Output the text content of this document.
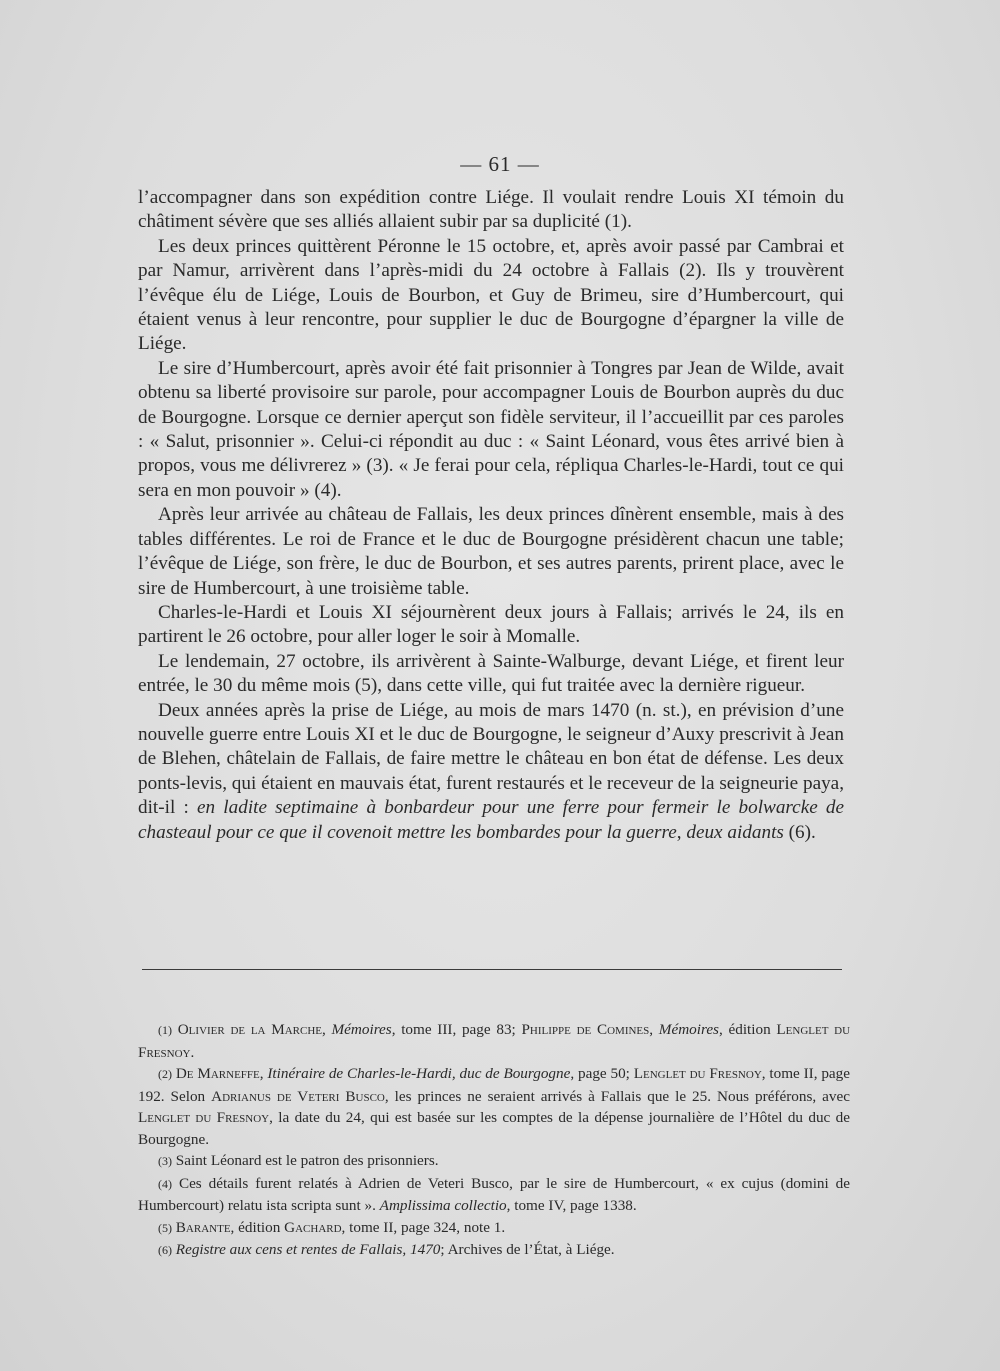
— 61 —

l’accompagner dans son expédition contre Liége. Il voulait rendre Louis XI témoin du châtiment sévère que ses alliés allaient subir par sa duplicité (1).

Les deux princes quittèrent Péronne le 15 octobre, et, après avoir passé par Cambrai et par Namur, arrivèrent dans l’après-midi du 24 octobre à Fallais (2). Ils y trouvèrent l’évêque élu de Liége, Louis de Bourbon, et Guy de Brimeu, sire d’Humbercourt, qui étaient venus à leur rencontre, pour supplier le duc de Bourgogne d’épargner la ville de Liége.

Le sire d’Humbercourt, après avoir été fait prisonnier à Tongres par Jean de Wilde, avait obtenu sa liberté provisoire sur parole, pour accompagner Louis de Bourbon auprès du duc de Bourgogne. Lorsque ce dernier aperçut son fidèle serviteur, il l’accueillit par ces paroles : « Salut, prisonnier ». Celui-ci répondit au duc : « Saint Léonard, vous êtes arrivé bien à propos, vous me délivrerez » (3). « Je ferai pour cela, répliqua Charles-le-Hardi, tout ce qui sera en mon pouvoir » (4).

Après leur arrivée au château de Fallais, les deux princes dînèrent ensemble, mais à des tables différentes. Le roi de France et le duc de Bourgogne présidèrent chacun une table; l’évêque de Liége, son frère, le duc de Bourbon, et ses autres parents, prirent place, avec le sire de Humbercourt, à une troisième table.

Charles-le-Hardi et Louis XI séjournèrent deux jours à Fallais; arrivés le 24, ils en partirent le 26 octobre, pour aller loger le soir à Momalle.

Le lendemain, 27 octobre, ils arrivèrent à Sainte-Walburge, devant Liége, et firent leur entrée, le 30 du même mois (5), dans cette ville, qui fut traitée avec la dernière rigueur.

Deux années après la prise de Liége, au mois de mars 1470 (n. st.), en prévision d’une nouvelle guerre entre Louis XI et le duc de Bourgogne, le seigneur d’Auxy prescrivit à Jean de Blehen, châtelain de Fallais, de faire mettre le château en bon état de défense. Les deux ponts-levis, qui étaient en mauvais état, furent restaurés et le receveur de la seigneurie paya, dit-il : en ladite septimaine à bonbardeur pour une ferre pour fermeir le bolwarcke de chasteaul pour ce que il covenoit mettre les bombardes pour la guerre, deux aidants (6).

(1) Olivier de la Marche, Mémoires, tome III, page 83; Philippe de Comines, Mémoires, édition Lenglet du Fresnoy.

(2) De Marneffe, Itinéraire de Charles-le-Hardi, duc de Bourgogne, page 50; Lenglet du Fresnoy, tome II, page 192. Selon Adrianus de Veteri Busco, les princes ne seraient arrivés à Fallais que le 25. Nous préférons, avec Lenglet du Fresnoy, la date du 24, qui est basée sur les comptes de la dépense journalière de l’Hôtel du duc de Bourgogne.

(3) Saint Léonard est le patron des prisonniers.

(4) Ces détails furent relatés à Adrien de Veteri Busco, par le sire de Humbercourt, « ex cujus (domini de Humbercourt) relatu ista scripta sunt ». Amplissima collectio, tome IV, page 1338.

(5) Barante, édition Gachard, tome II, page 324, note 1.

(6) Registre aux cens et rentes de Fallais, 1470; Archives de l’État, à Liége.
